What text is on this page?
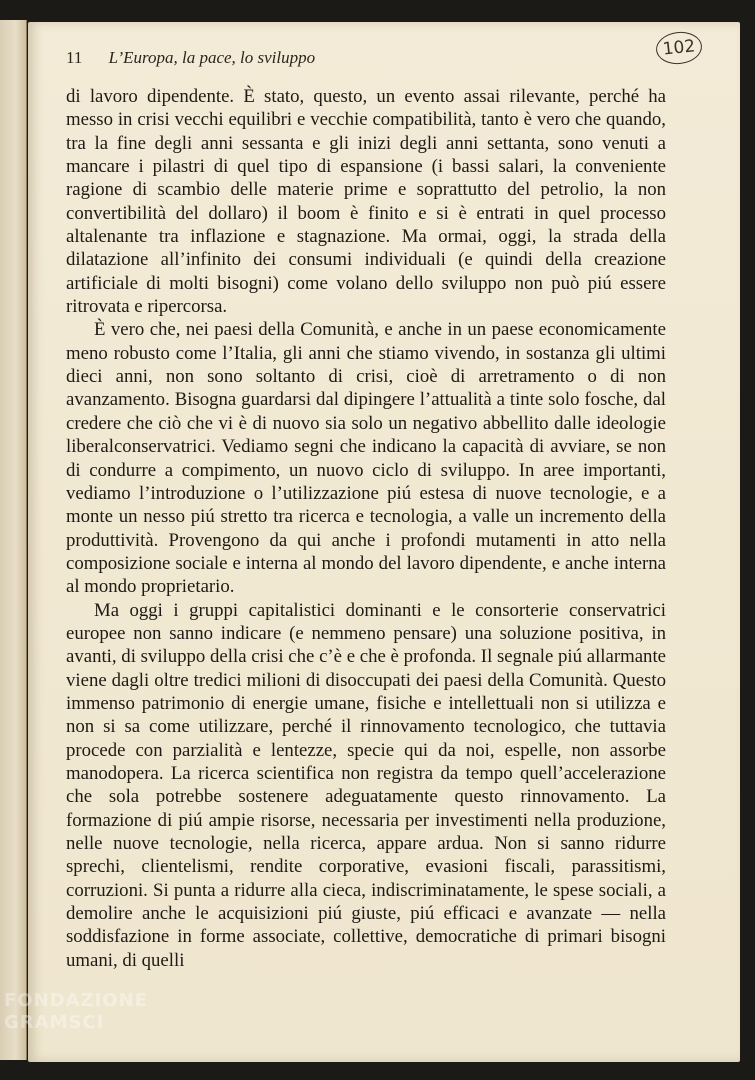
11 L’Europa, la pace, lo sviluppo	102

di lavoro dipendente. È stato, questo, un evento assai rilevante, perché ha messo in crisi vecchi equilibri e vecchie compatibilità, tanto è vero che quando, tra la fine degli anni sessanta e gli inizi degli anni settanta, sono venuti a mancare i pilastri di quel tipo di espansione (i bassi salari, la conveniente ragione di scambio delle materie prime e soprattutto del petrolio, la non convertibilità del dollaro) il boom è finito e si è entrati in quel processo altalenante tra inflazione e stagnazione. Ma ormai, oggi, la strada della dilatazione all’infinito dei consumi individuali (e quindi della creazione artificiale di molti bisogni) come volano dello sviluppo non può piú essere ritrovata e ripercorsa.

È vero che, nei paesi della Comunità, e anche in un paese economicamente meno robusto come l’Italia, gli anni che stiamo vivendo, in sostanza gli ultimi dieci anni, non sono soltanto di crisi, cioè di arretramento o di non avanzamento. Bisogna guardarsi dal dipingere l’attualità a tinte solo fosche, dal credere che ciò che vi è di nuovo sia solo un negativo abbellito dalle ideologie liberalconservatrici. Vediamo segni che indicano la capacità di avviare, se non di condurre a compimento, un nuovo ciclo di sviluppo. In aree importanti, vediamo l’introduzione o l’utilizzazione piú estesa di nuove tecnologie, e a monte un nesso piú stretto tra ricerca e tecnologia, a valle un incremento della produttività. Provengono da qui anche i profondi mutamenti in atto nella composizione sociale e interna al mondo del lavoro dipendente, e anche interna al mondo proprietario.

Ma oggi i gruppi capitalistici dominanti e le consorterie conservatrici europee non sanno indicare (e nemmeno pensare) una soluzione positiva, in avanti, di sviluppo della crisi che c’è e che è profonda. Il segnale piú allarmante viene dagli oltre tredici milioni di disoccupati dei paesi della Comunità. Questo immenso patrimonio di energie umane, fisiche e intellettuali non si utilizza e non si sa come utilizzare, perché il rinnovamento tecnologico, che tuttavia procede con parzialità e lentezze, specie qui da noi, espelle, non assorbe manodopera. La ricerca scientifica non registra da tempo quell’accelerazione che sola potrebbe sostenere adeguatamente questo rinnovamento. La formazione di piú ampie risorse, necessaria per investimenti nella produzione, nelle nuove tecnologie, nella ricerca, appare ardua. Non si sanno ridurre sprechi, clientelismi, rendite corporative, evasioni fiscali, parassitismi, corruzioni. Si punta a ridurre alla cieca, indiscriminatamente, le spese sociali, a demolire anche le acquisizioni piú giuste, piú efficaci e avanzate — nella soddisfazione in forme associate, collettive, democratiche di primari bisogni umani, di quelli

FONDAZIONE
GRAMSCI
